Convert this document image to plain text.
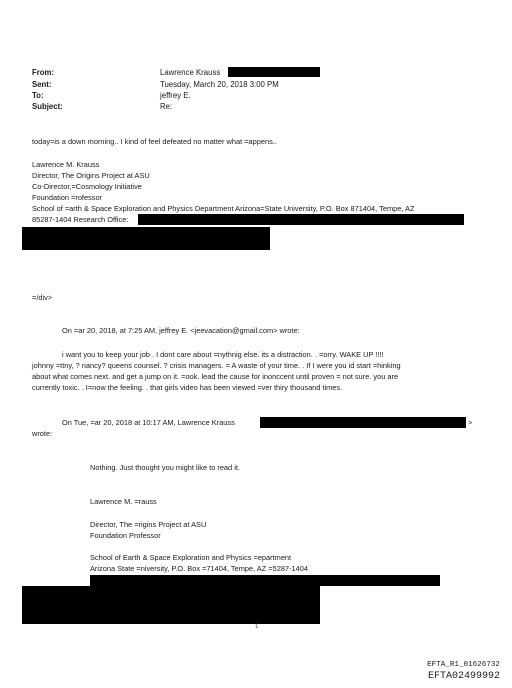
From:	Lawrence Krauss
Sent:	Tuesday, March 20, 2018 3:00 PM
To:	jeffrey E.
Subject:	Re:
today=is a down morning.. I kind of feel defeated no matter what =appens..
Lawrence M. Krauss
Director, The Origins Project at ASU
Co-Director,=Cosmology Initiative
Foundation =rofessor
School of =arth & Space Exploration and Physics Department Arizona=State University, P.O. Box 871404, Tempe, AZ
85287-1404 Research Office:
=/div>
On =ar 20, 2018, at 7:25 AM, jeffrey E. <jeevacation@gmail.com> wrote:
i want you to keep your job . I dont care about =nythnig else. its a distraction. . =orry. WAKE UP !!!!
johnny =ttny, ? nancy? queens counsel. ? crisis managers. = A waste of your time. . If I were you id start =hinking
about what comes next. and get a jump on it. =ook. lead the cause for inonccent until proven = not sure. you are
currently toxic. . I=now the feeling. . that girls video has been viewed =ver thiry thousand times.
On Tue, =ar 20, 2018 at 10:17 AM, Lawrence Krauss	>
wrote:
Nothing. Just thought you might like to read it.
Lawrence M. =rauss
Director, The =rigins Project at ASU
Foundation Professor
School of Earth & Space Exploration and Physics =epartment
Arizona State =niversity, P.O. Box =71404, Tempe, AZ =5287-1404
1
EFTA_R1_01626732
EFTA02499992
